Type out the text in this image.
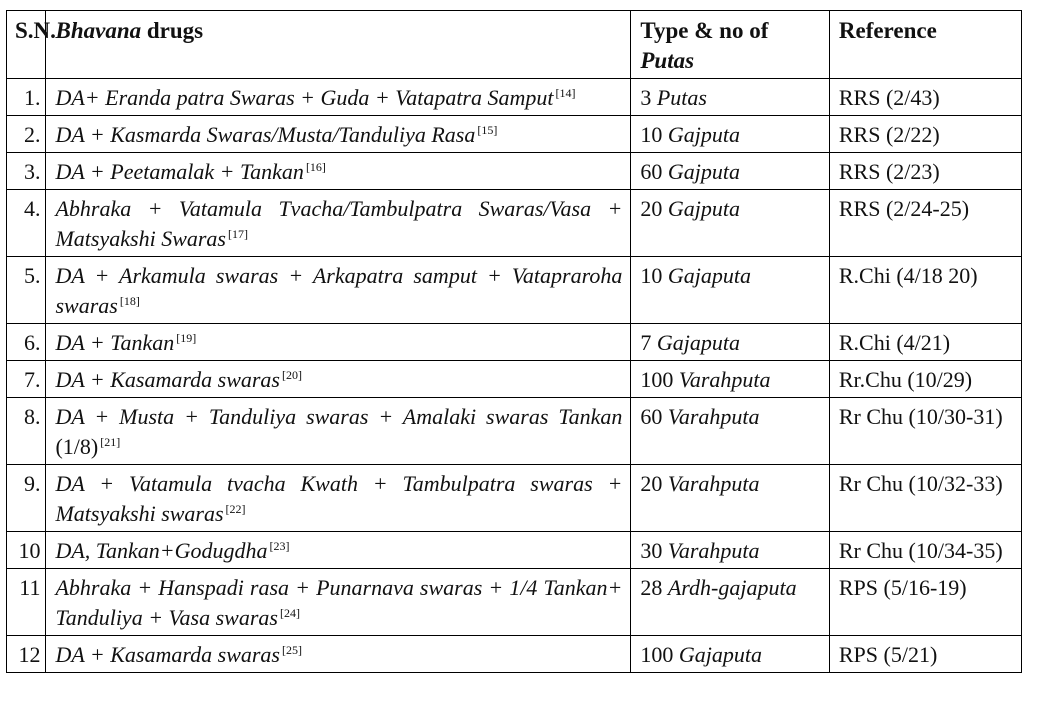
S.N.	Bhavana drugs	Type & no of Putas	Reference
1.	DA+ Eranda patra Swaras + Guda + Vatapatra Samput [14]	3 Putas	RRS (2/43)
2.	DA + Kasmarda Swaras/Musta/Tanduliya Rasa [15]	10 Gajputa	RRS (2/22)
3.	DA + Peetamalak + Tankan [16]	60 Gajputa	RRS (2/23)
4.	Abhraka + Vatamula Tvacha/Tambulpatra Swaras/Vasa + Matsyakshi Swaras [17]	20 Gajputa	RRS (2/24-25)
5.	DA + Arkamula swaras + Arkapatra samput + Vatapraroha swaras [18]	10 Gajaputa	R.Chi (4/18 20)
6.	DA + Tankan [19]	7 Gajaputa	R.Chi (4/21)
7.	DA + Kasamarda swaras [20]	100 Varahputa	Rr.Chu (10/29)
8.	DA + Musta + Tanduliya swaras + Amalaki swaras Tankan (1/8) [21]	60 Varahputa	Rr Chu (10/30-31)
9.	DA + Vatamula tvacha Kwath + Tambulpatra swaras + Matsyakshi swaras [22]	20 Varahputa	Rr Chu (10/32-33)
10	DA, Tankan+Godugdha [23]	30 Varahputa	Rr Chu (10/34-35)
11	Abhraka + Hanspadi rasa + Punarnava swaras + 1/4 Tankan+ Tanduliya + Vasa swaras [24]	28 Ardh-gajaputa	RPS (5/16-19)
12	DA + Kasamarda swaras [25]	100 Gajaputa	RPS (5/21)
